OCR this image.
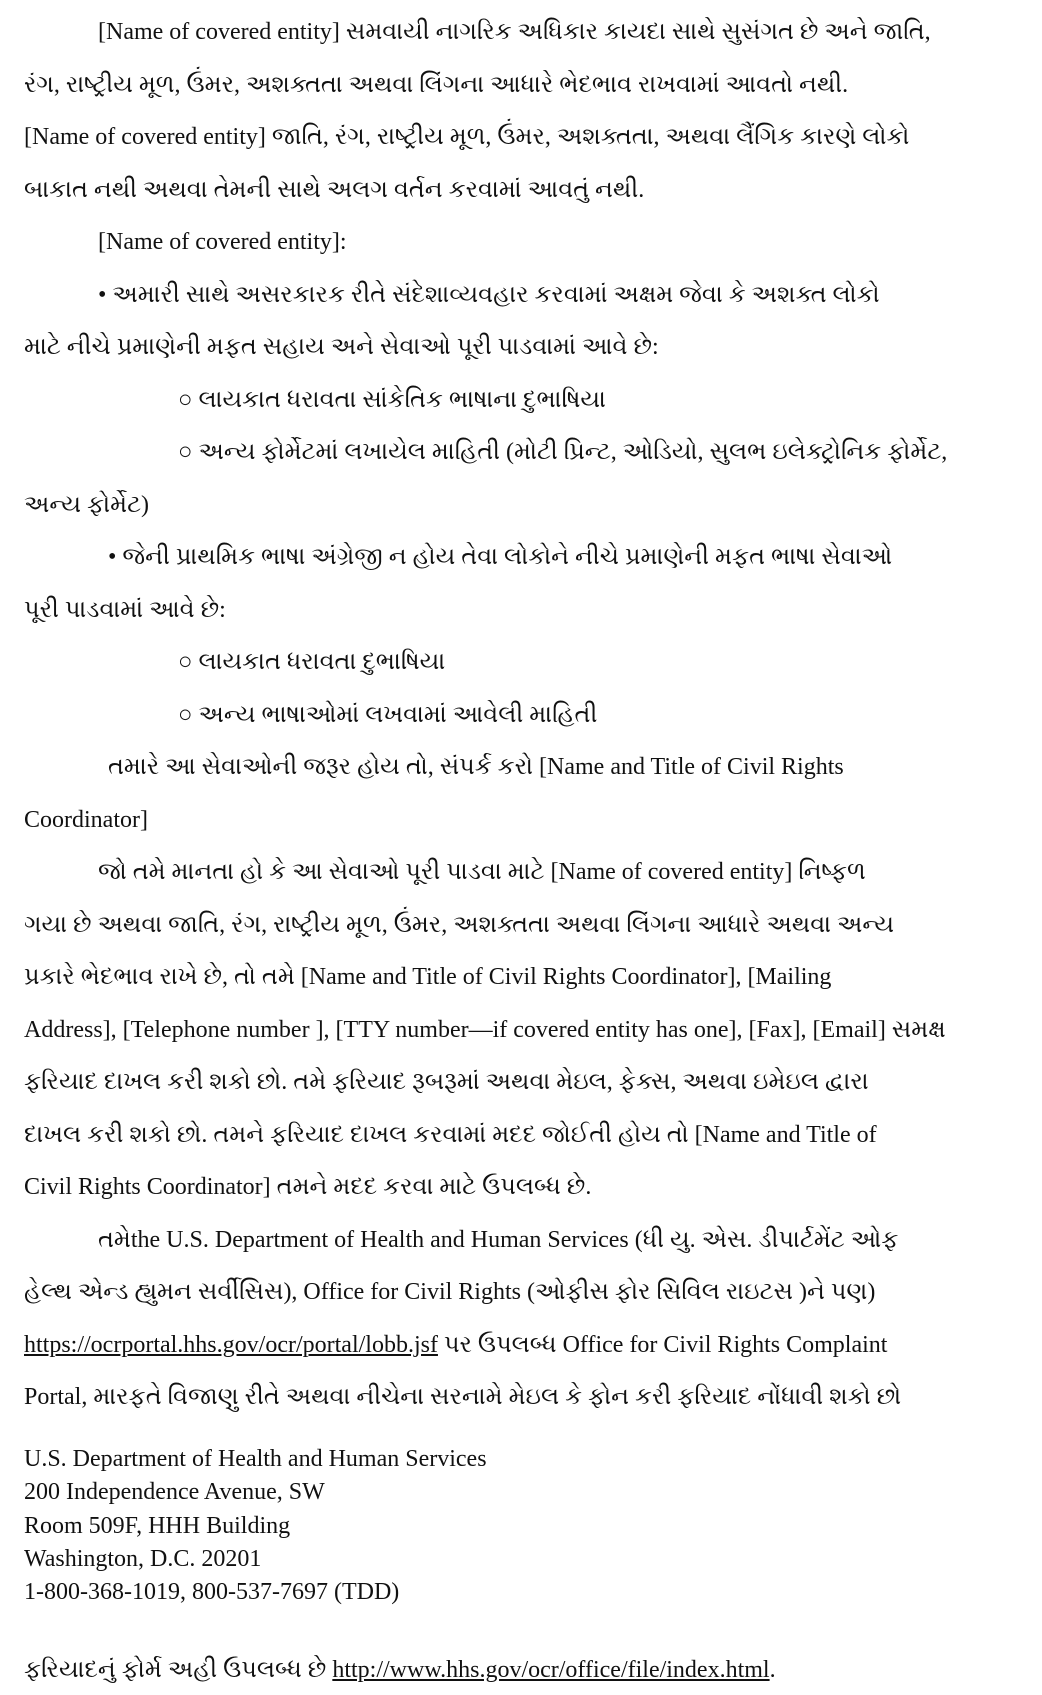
[Name of covered entity] સમવાયી નાગરિક અધિકાર કાયદા સાથે સુસંગત છે અને જાતિ,
રંગ, રાષ્ટ્રીય મૂળ, ઉંમર, અશક્તતા અથવા લિંગના આધારે ભેદભાવ રાખવામાં આવતો નથી.
[Name of covered entity] જાતિ, રંગ, રાષ્ટ્રીય મૂળ, ઉંમર, અશક્તતા, અથવા લૈંગિક કારણે લોકો
બાકાત નથી અથવા તેમની સાથે અલગ વર્તન કરવામાં આવતું નથી.
[Name of covered entity]:
• અમારી સાથે અસરકારક રીતે સંદેશાવ્યવહાર કરવામાં અક્ષમ જેવા કે અશક્ત લોકો
માટે નીચે પ્રમાણેની મફત સહાય અને સેવાઓ પૂરી પાડવામાં આવે છે:
○ લાયકાત ધરાવતા સાંકેતિક ભાષાના દુભાષિયા
○ અન્ય ફોર્મેટમાં લખાયેલ માહિતી (મોટી પ્રિન્ટ, ઓડિયો, સુલભ ઇલેક્ટ્રોનિક ફોર્મેટ,
અન્ય ફોર્મેટ)
• જેની પ્રાથમિક ભાષા અંગ્રેજી ન હોય તેવા લોકોને નીચે પ્રમાણેની મફત ભાષા સેવાઓ
પૂરી પાડવામાં આવે છે:
○ લાયકાત ધરાવતા દુભાષિયા
○ અન્ય ભાષાઓમાં લખવામાં આવેલી માહિતી
તમારે આ સેવાઓની જરૂર હોય તો, સંપર્ક કરો [Name and Title of Civil Rights
Coordinator]
જો તમે માનતા હો કે આ સેવાઓ પૂરી પાડવા માટે [Name of covered entity] નિષ્ફળ
ગયા છે અથવા જાતિ, રંગ, રાષ્ટ્રીય મૂળ, ઉંમર, અશક્તતા અથવા લિંગના આધારે અથવા અન્ય
પ્રકારે ભેદભાવ રાખે છે, તો તમે [Name and Title of Civil Rights Coordinator], [Mailing
Address], [Telephone number ], [TTY number—if covered entity has one], [Fax], [Email] સમક્ષ
ફરિયાદ દાખલ કરી શકો છો. તમે ફરિયાદ રૂબરૂમાં અથવા મેઇલ, ફેક્સ, અથવા ઇમેઇલ દ્વારા
દાખલ કરી શકો છો. તમને ફરિયાદ દાખલ કરવામાં મદદ જોઈતી હોય તો [Name and Title of
Civil Rights Coordinator] તમને મદદ કરવા માટે ઉપલબ્ધ છે.
તમેthe U.S. Department of Health and Human Services (ધી યુ. એસ. ડીપાર્ટમેંટ ઓફ
હેલ્થ એન્ડ હ્યુમન સર્વીસિસ), Office for Civil Rights (ઓફીસ ફોર સિવિલ રાઇટસ )ને પણ)
https://ocrportal.hhs.gov/ocr/portal/lobb.jsf પર ઉપલબ્ધ Office for Civil Rights Complaint
Portal, મારફતે વિજાણુ રીતે અથવા નીચેના સરનામે મેઇલ કે ફોન કરી ફરિયાદ નોંધાવી શકો છો
U.S. Department of Health and Human Services
200 Independence Avenue, SW
Room 509F, HHH Building
Washington, D.C. 20201
1-800-368-1019, 800-537-7697 (TDD)
ફરિયાદનું ફોર્મ અહી ઉપલબ્ધ છે http://www.hhs.gov/ocr/office/file/index.html.
